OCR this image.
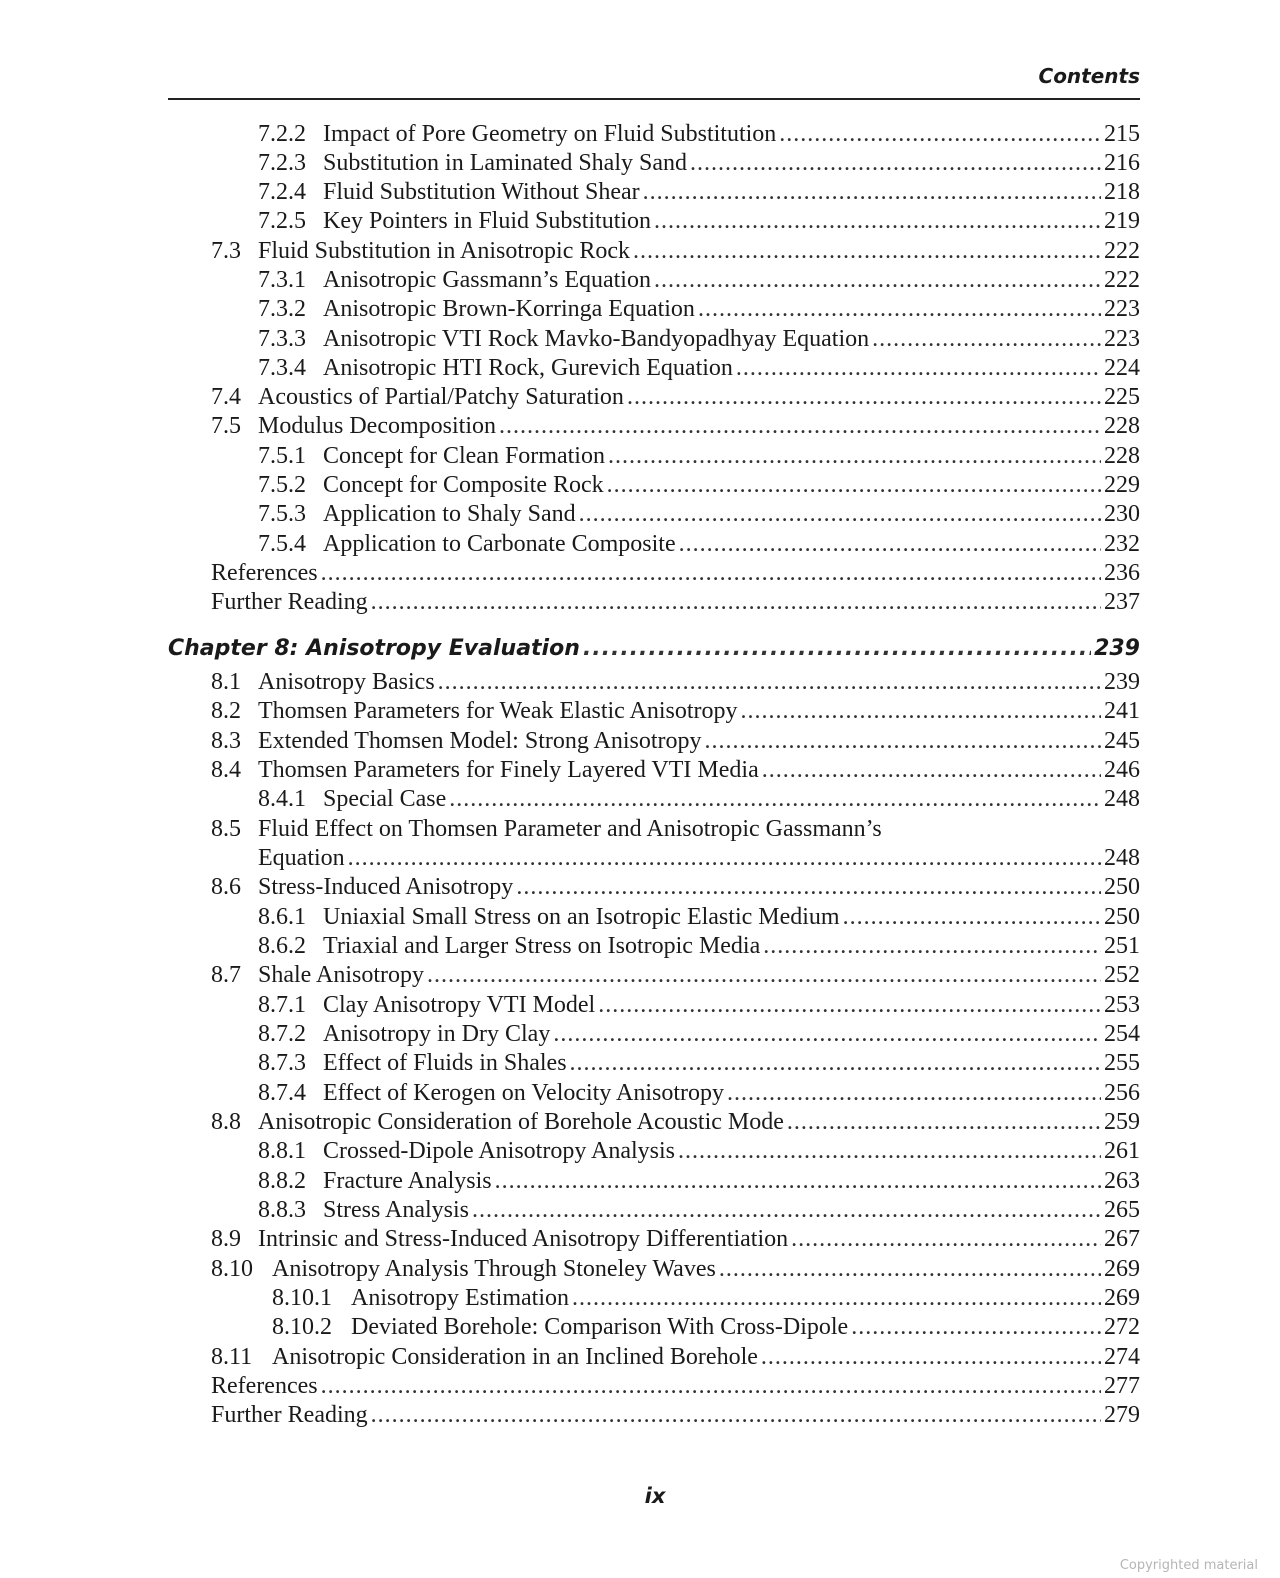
Contents
7.2.2 Impact of Pore Geometry on Fluid Substitution .....	215
7.2.3 Substitution in Laminated Shaly Sand .....	216
7.2.4 Fluid Substitution Without Shear .....	218
7.2.5 Key Pointers in Fluid Substitution .....	219
7.3 Fluid Substitution in Anisotropic Rock .....	222
7.3.1 Anisotropic Gassmann’s Equation .....	222
7.3.2 Anisotropic Brown-Korringa Equation .....	223
7.3.3 Anisotropic VTI Rock Mavko-Bandyopadhyay Equation .....	223
7.3.4 Anisotropic HTI Rock, Gurevich Equation .....	224
7.4 Acoustics of Partial/Patchy Saturation .....	225
7.5 Modulus Decomposition .....	228
7.5.1 Concept for Clean Formation .....	228
7.5.2 Concept for Composite Rock .....	229
7.5.3 Application to Shaly Sand .....	230
7.5.4 Application to Carbonate Composite .....	232
References .....	236
Further Reading .....	237
Chapter 8: Anisotropy Evaluation .....	239
8.1 Anisotropy Basics .....	239
8.2 Thomsen Parameters for Weak Elastic Anisotropy .....	241
8.3 Extended Thomsen Model: Strong Anisotropy .....	245
8.4 Thomsen Parameters for Finely Layered VTI Media .....	246
8.4.1 Special Case .....	248
8.5 Fluid Effect on Thomsen Parameter and Anisotropic Gassmann’s
Equation .....	248
8.6 Stress-Induced Anisotropy .....	250
8.6.1 Uniaxial Small Stress on an Isotropic Elastic Medium .....	250
8.6.2 Triaxial and Larger Stress on Isotropic Media .....	251
8.7 Shale Anisotropy .....	252
8.7.1 Clay Anisotropy VTI Model .....	253
8.7.2 Anisotropy in Dry Clay .....	254
8.7.3 Effect of Fluids in Shales .....	255
8.7.4 Effect of Kerogen on Velocity Anisotropy .....	256
8.8 Anisotropic Consideration of Borehole Acoustic Mode .....	259
8.8.1 Crossed-Dipole Anisotropy Analysis .....	261
8.8.2 Fracture Analysis .....	263
8.8.3 Stress Analysis .....	265
8.9 Intrinsic and Stress-Induced Anisotropy Differentiation .....	267
8.10 Anisotropy Analysis Through Stoneley Waves .....	269
8.10.1 Anisotropy Estimation .....	269
8.10.2 Deviated Borehole: Comparison With Cross-Dipole .....	272
8.11 Anisotropic Consideration in an Inclined Borehole .....	274
References .....	277
Further Reading .....	279
ix
Copyrighted material
